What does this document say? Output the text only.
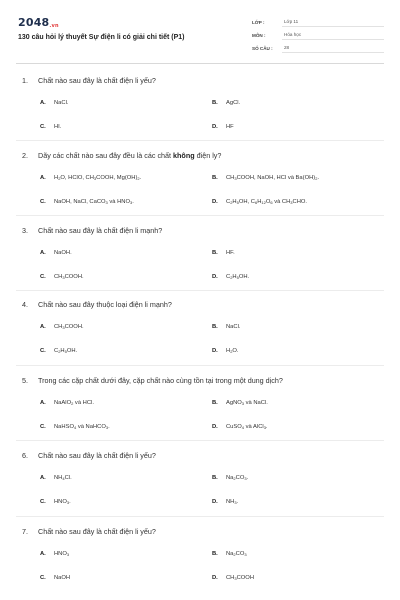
2048.vn
130 câu hỏi lý thuyết Sự điện li có giải chi tiết (P1)
LỚP :	Lớp 11
MÔN :	Hóa học
SỐ CÂU :	28
1. Chất nào sau đây là chất điện li yếu?
A. NaCl.	B. AgCl.
C. HI.	D. HF
2. Dãy các chất nào sau đây đều là các chất không điện ly?
A. $H_2O$, HClO, $CH_3COOH$, $Mg(OH)_2$.	B. $CH_3COOH$, NaOH, HCl và $Ba(OH)_2$.
C. NaOH, NaCl, CaCO$_3$ và $HNO_3$.	D. $C_2H_5OH$, $C_6H_{12}O_6$ và $CH_3CHO$.
3. Chất nào sau đây là chất điện li mạnh?
A. NaOH.	B. HF.
C. $CH_3COOH$.	D. $C_2H_5OH$.
4. Chất nào sau đây thuộc loại điện li mạnh?
A. $CH_3COOH$.	B. NaCl.
C. $C_2H_5OH$.	D. $H_2O$.
5. Trong các cặp chất dưới đây, cặp chất nào cùng tồn tại trong một dung dịch?
A. NaAlO$_2$ và HCl.	B. AgNO$_3$ và NaCl.
C. NaHSO$_4$ và NaHCO$_3$.	D. CuSO$_4$ và AlCl$_3$.
6. Chất nào sau đây là chất điện li yếu?
A. $NH_4Cl$.	B. $Na_2CO_3$.
C. $HNO_3$.	D. $NH_3$.
7. Chất nào sau đây là chất điện li yếu?
A. $HNO_3$	B. $Na_2CO_3$
C. NaOH	D. $CH_3COOH$
